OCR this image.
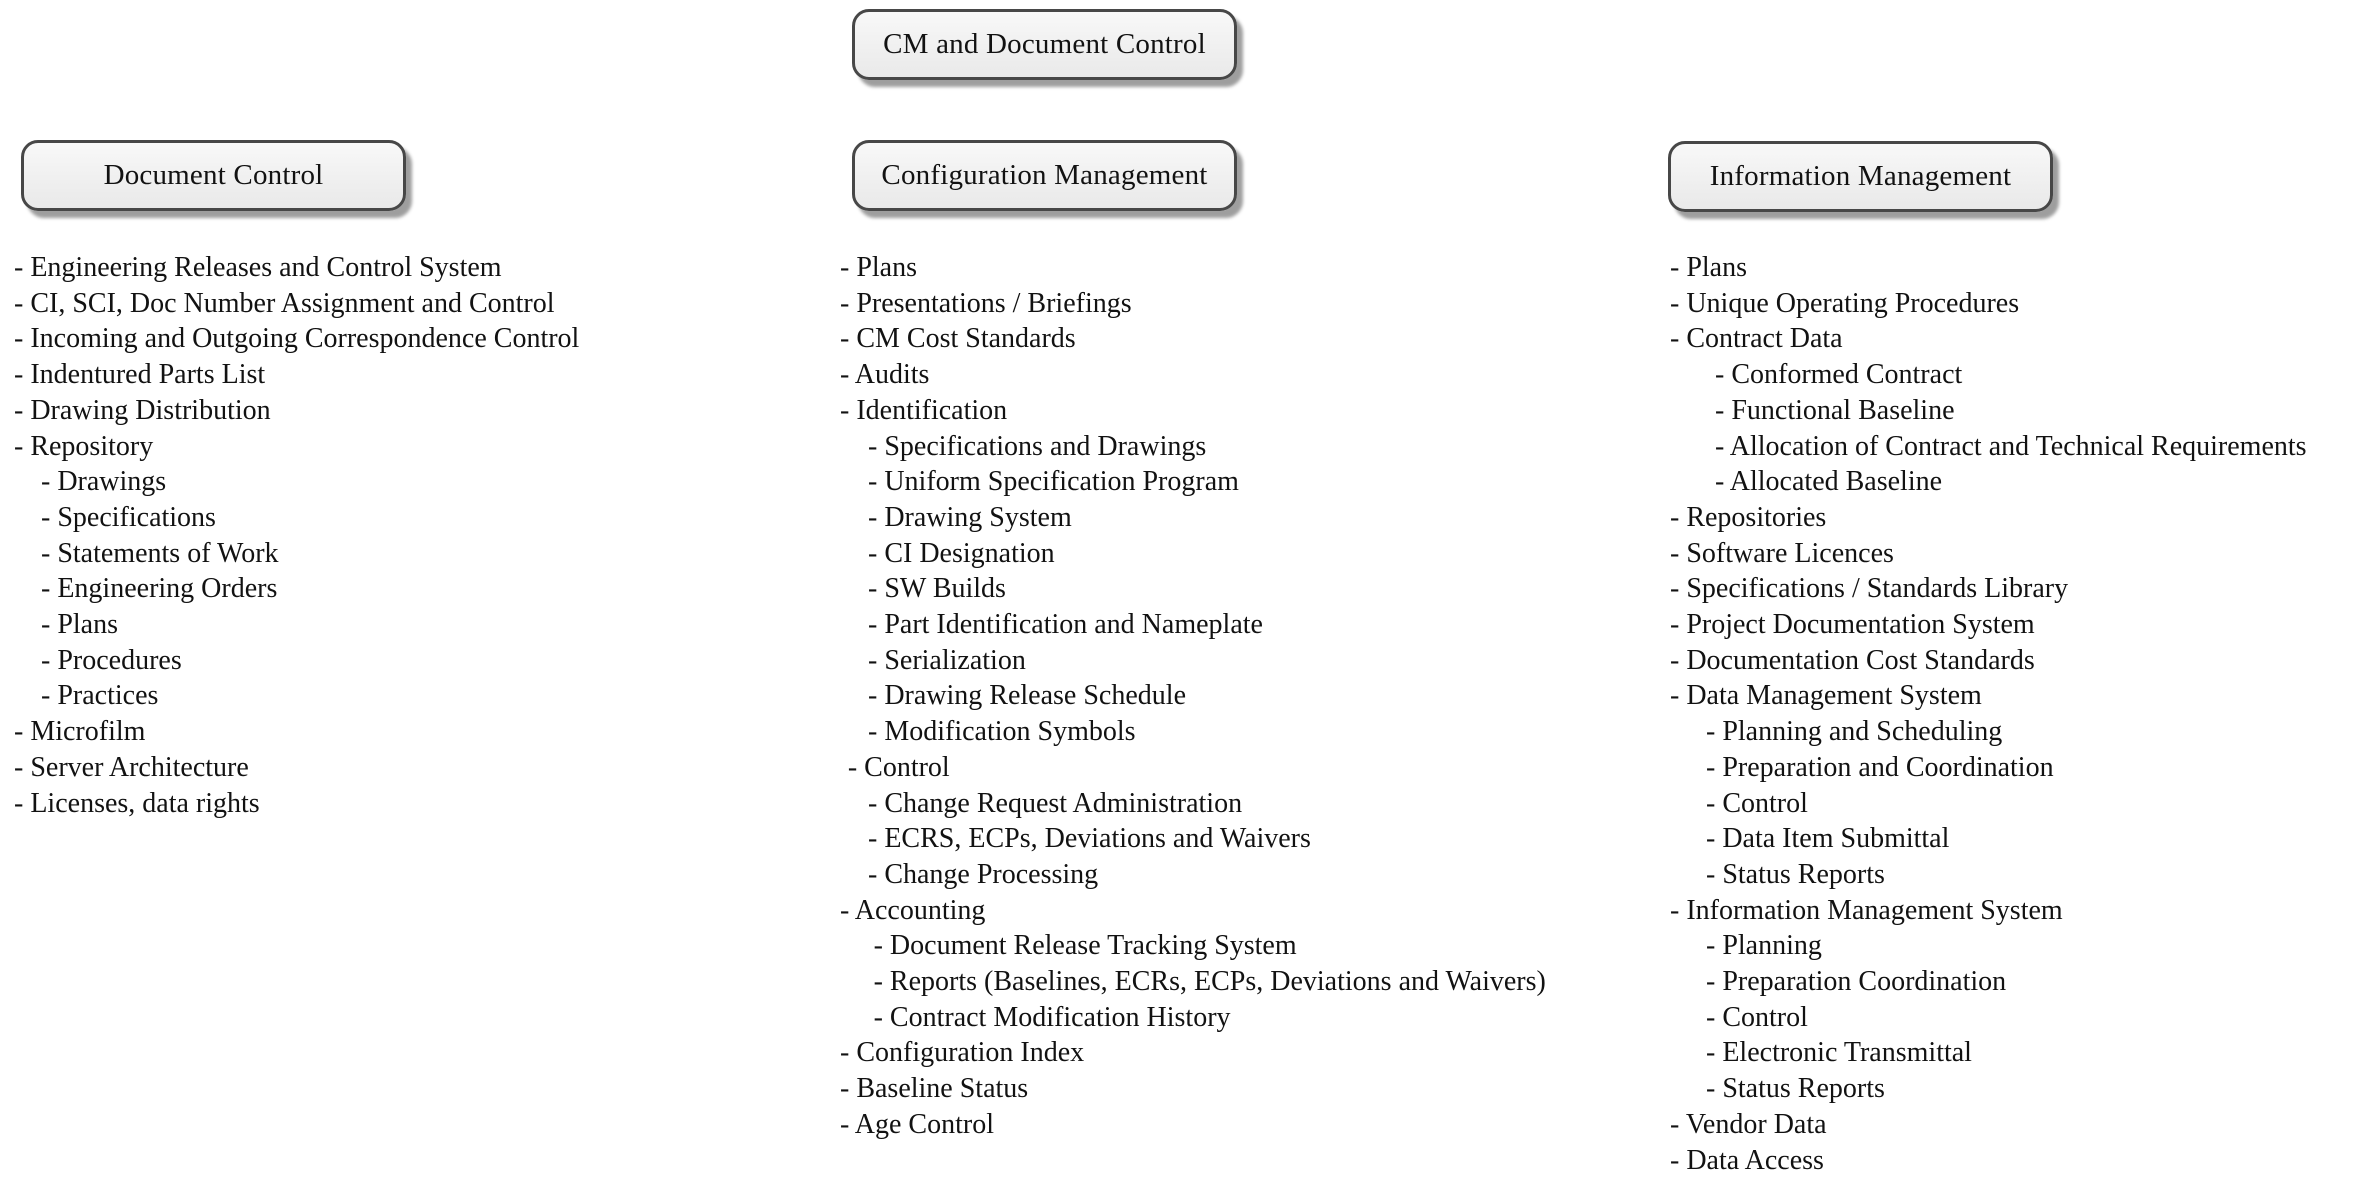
CM and Document Control
Document Control	Configuration Management	Information Management
- Engineering Releases and Control System
- CI, SCI, Doc Number Assignment and Control
- Incoming and Outgoing Correspondence Control
- Indentured Parts List
- Drawing Distribution
- Repository
- Drawings
- Specifications
- Statements of Work
- Engineering Orders
- Plans
- Procedures
- Practices
- Microfilm
- Server Architecture
- Licenses, data rights
- Plans
- Presentations / Briefings
- CM Cost Standards
- Audits
- Identification
- Specifications and Drawings
- Uniform Specification Program
- Drawing System
- CI Designation
- SW Builds
- Part Identification and Nameplate
- Serialization
- Drawing Release Schedule
- Modification Symbols
- Control
- Change Request Administration
- ECRS, ECPs, Deviations and Waivers
- Change Processing
- Accounting
- Document Release Tracking System
- Reports (Baselines, ECRs, ECPs, Deviations and Waivers)
- Contract Modification History
- Configuration Index
- Baseline Status
- Age Control
- Plans
- Unique Operating Procedures
- Contract Data
- Conformed Contract
- Functional Baseline
- Allocation of Contract and Technical Requirements
- Allocated Baseline
- Repositories
- Software Licences
- Specifications / Standards Library
- Project Documentation System
- Documentation Cost Standards
- Data Management System
- Planning and Scheduling
- Preparation and Coordination
- Control
- Data Item Submittal
- Status Reports
- Information Management System
- Planning
- Preparation Coordination
- Control
- Electronic Transmittal
- Status Reports
- Vendor Data
- Data Access
